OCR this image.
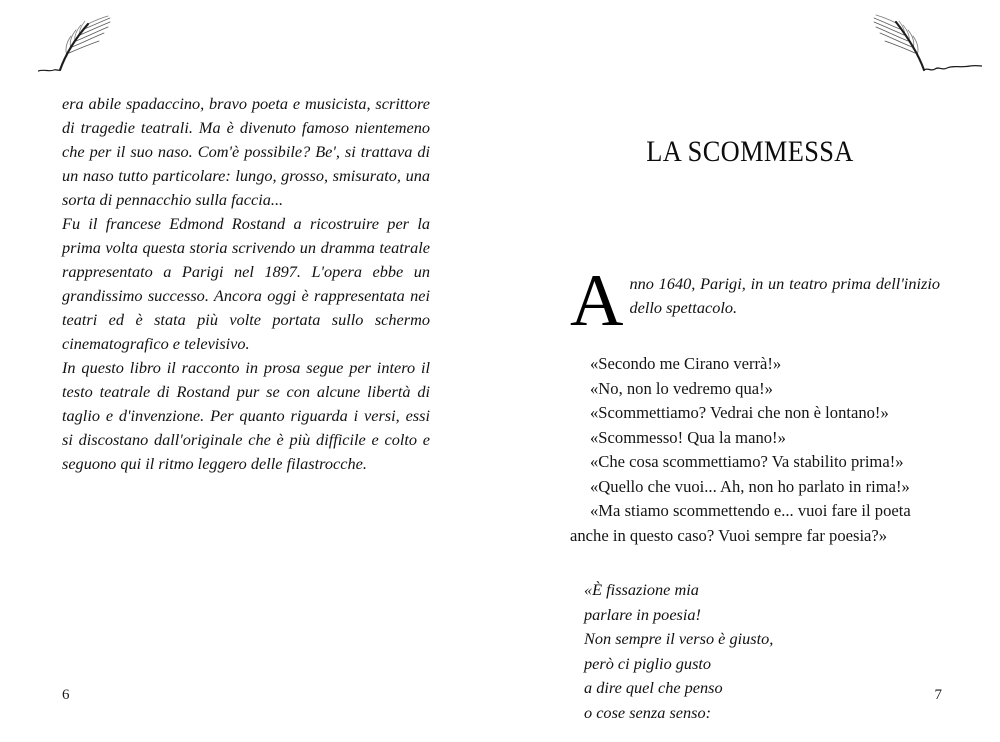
era abile spadaccino, bravo poeta e musicista, scrittore di tragedie teatrali. Ma è divenuto famoso nientemeno che per il suo naso. Com'è possibile? Be', si trattava di un naso tutto particolare: lungo, grosso, smisurato, una sorta di pennacchio sulla faccia...

Fu il francese Edmond Rostand a ricostruire per la prima volta questa storia scrivendo un dramma teatrale rappresentato a Parigi nel 1897. L'opera ebbe un grandissimo successo. Ancora oggi è rappresentata nei teatri ed è stata più volte portata sullo schermo cinematografico e televisivo.

In questo libro il racconto in prosa segue per intero il testo teatrale di Rostand pur se con alcune libertà di taglio e d'invenzione. Per quanto riguarda i versi, essi si discostano dall'originale che è più difficile e colto e seguono qui il ritmo leggero delle filastrocche.

6
LA SCOMMESSA

Anno 1640, Parigi, in un teatro prima dell'inizio dello spettacolo.

«Secondo me Cirano verrà!»

«No, non lo vedremo qua!»

«Scommettiamo? Vedrai che non è lontano!»

«Scommesso! Qua la mano!»

«Che cosa scommettiamo? Va stabilito prima!»

«Quello che vuoi... Ah, non ho parlato in rima!»

«Ma stiamo scommettendo e... vuoi fare il poeta anche in questo caso? Vuoi sempre far poesia?»

«È fissazione mia

parlare in poesia!

Non sempre il verso è giusto,

però ci piglio gusto

a dire quel che penso

o cose senza senso:

7
